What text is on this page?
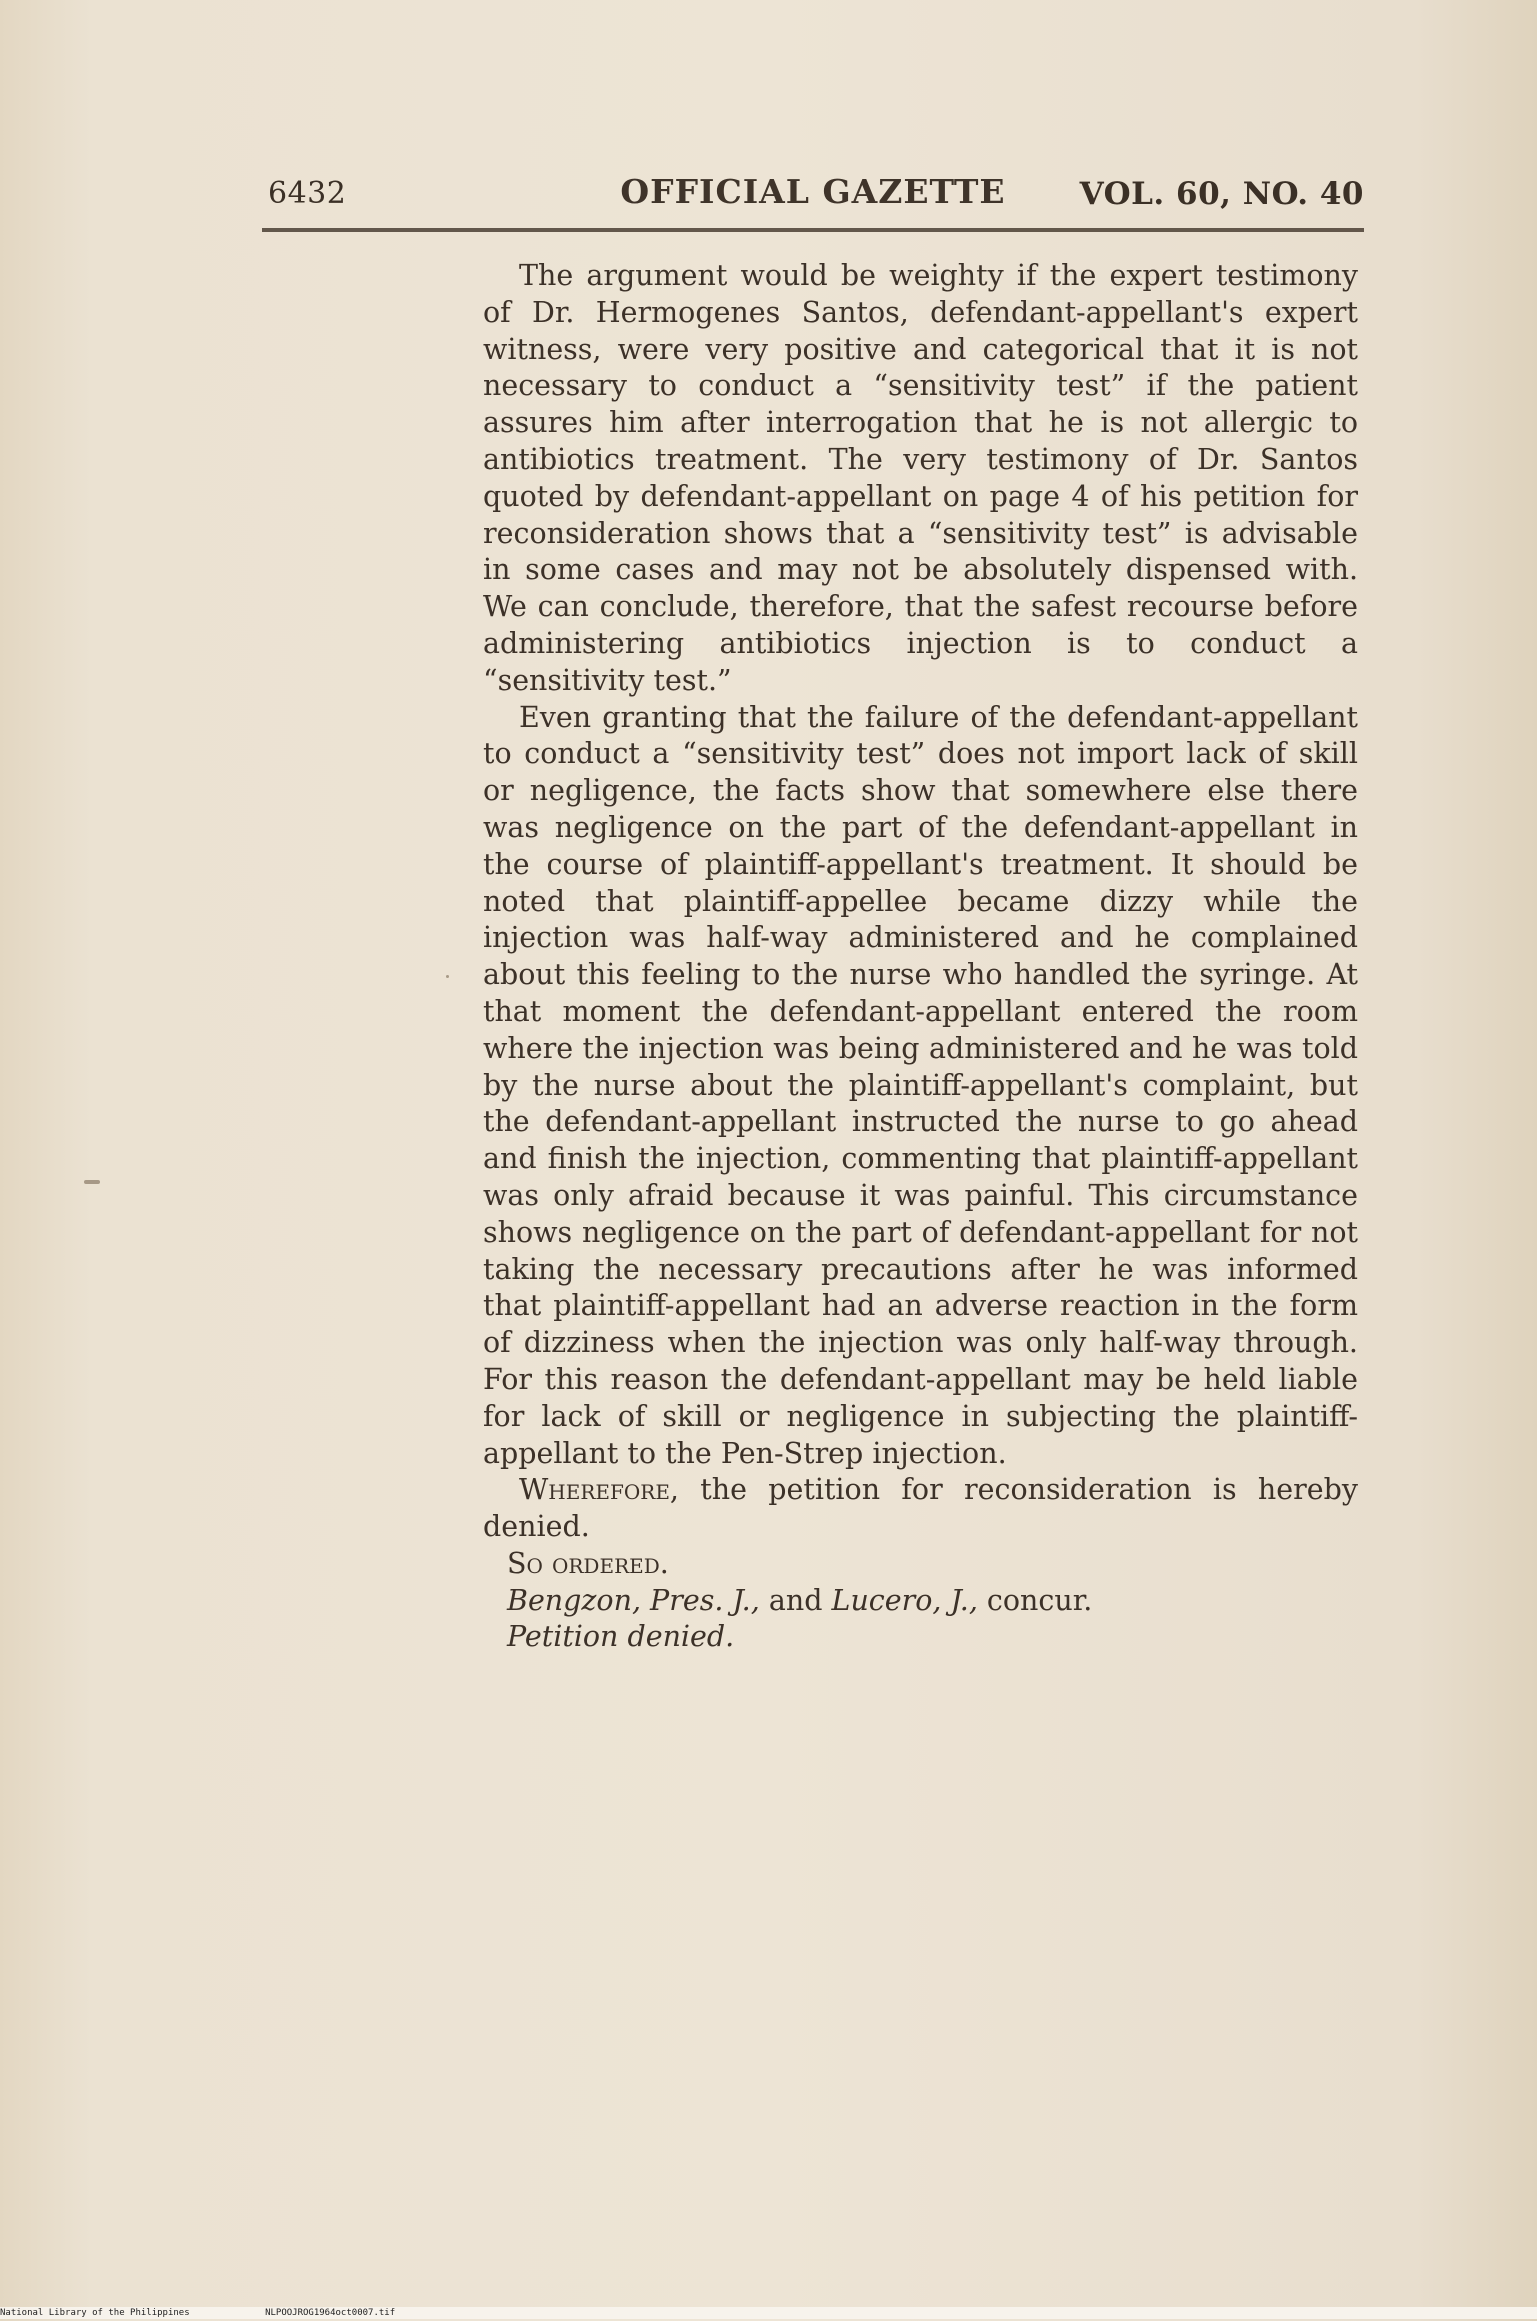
6432	OFFICIAL GAZETTE	VOL. 60, NO. 40

The argument would be weighty if the expert testimony of Dr. Hermogenes Santos, defendant-appellant's expert witness, were very positive and categorical that it is not necessary to conduct a “sensitivity test” if the patient assures him after interrogation that he is not allergic to antibiotics treatment. The very testimony of Dr. Santos quoted by defendant-appellant on page 4 of his petition for reconsideration shows that a “sensitivity test” is advisable in some cases and may not be absolutely dispensed with. We can conclude, therefore, that the safest recourse before administering antibiotics injection is to conduct a “sensitivity test.”

Even granting that the failure of the defendant-appellant to conduct a “sensitivity test” does not import lack of skill or negligence, the facts show that somewhere else there was negligence on the part of the defendant-appellant in the course of plaintiff-appellant's treatment. It should be noted that plaintiff-appellee became dizzy while the injection was half-way administered and he complained about this feeling to the nurse who handled the syringe. At that moment the defendant-appellant entered the room where the injection was being administered and he was told by the nurse about the plaintiff-appellant's complaint, but the defendant-appellant instructed the nurse to go ahead and finish the injection, commenting that plaintiff-appellant was only afraid because it was painful. This circumstance shows negligence on the part of defendant-appellant for not taking the necessary precautions after he was informed that plaintiff-appellant had an adverse reaction in the form of dizziness when the injection was only half-way through. For this reason the defendant-appellant may be held liable for lack of skill or negligence in subjecting the plaintiff-appellant to the Pen-Strep injection.

Wherefore, the petition for reconsideration is hereby denied.

So ordered.

Bengzon, Pres. J., and Lucero, J., concur.

Petition denied.

National Library of the Philippines	NLPOOJROG1964oct0007.tif
